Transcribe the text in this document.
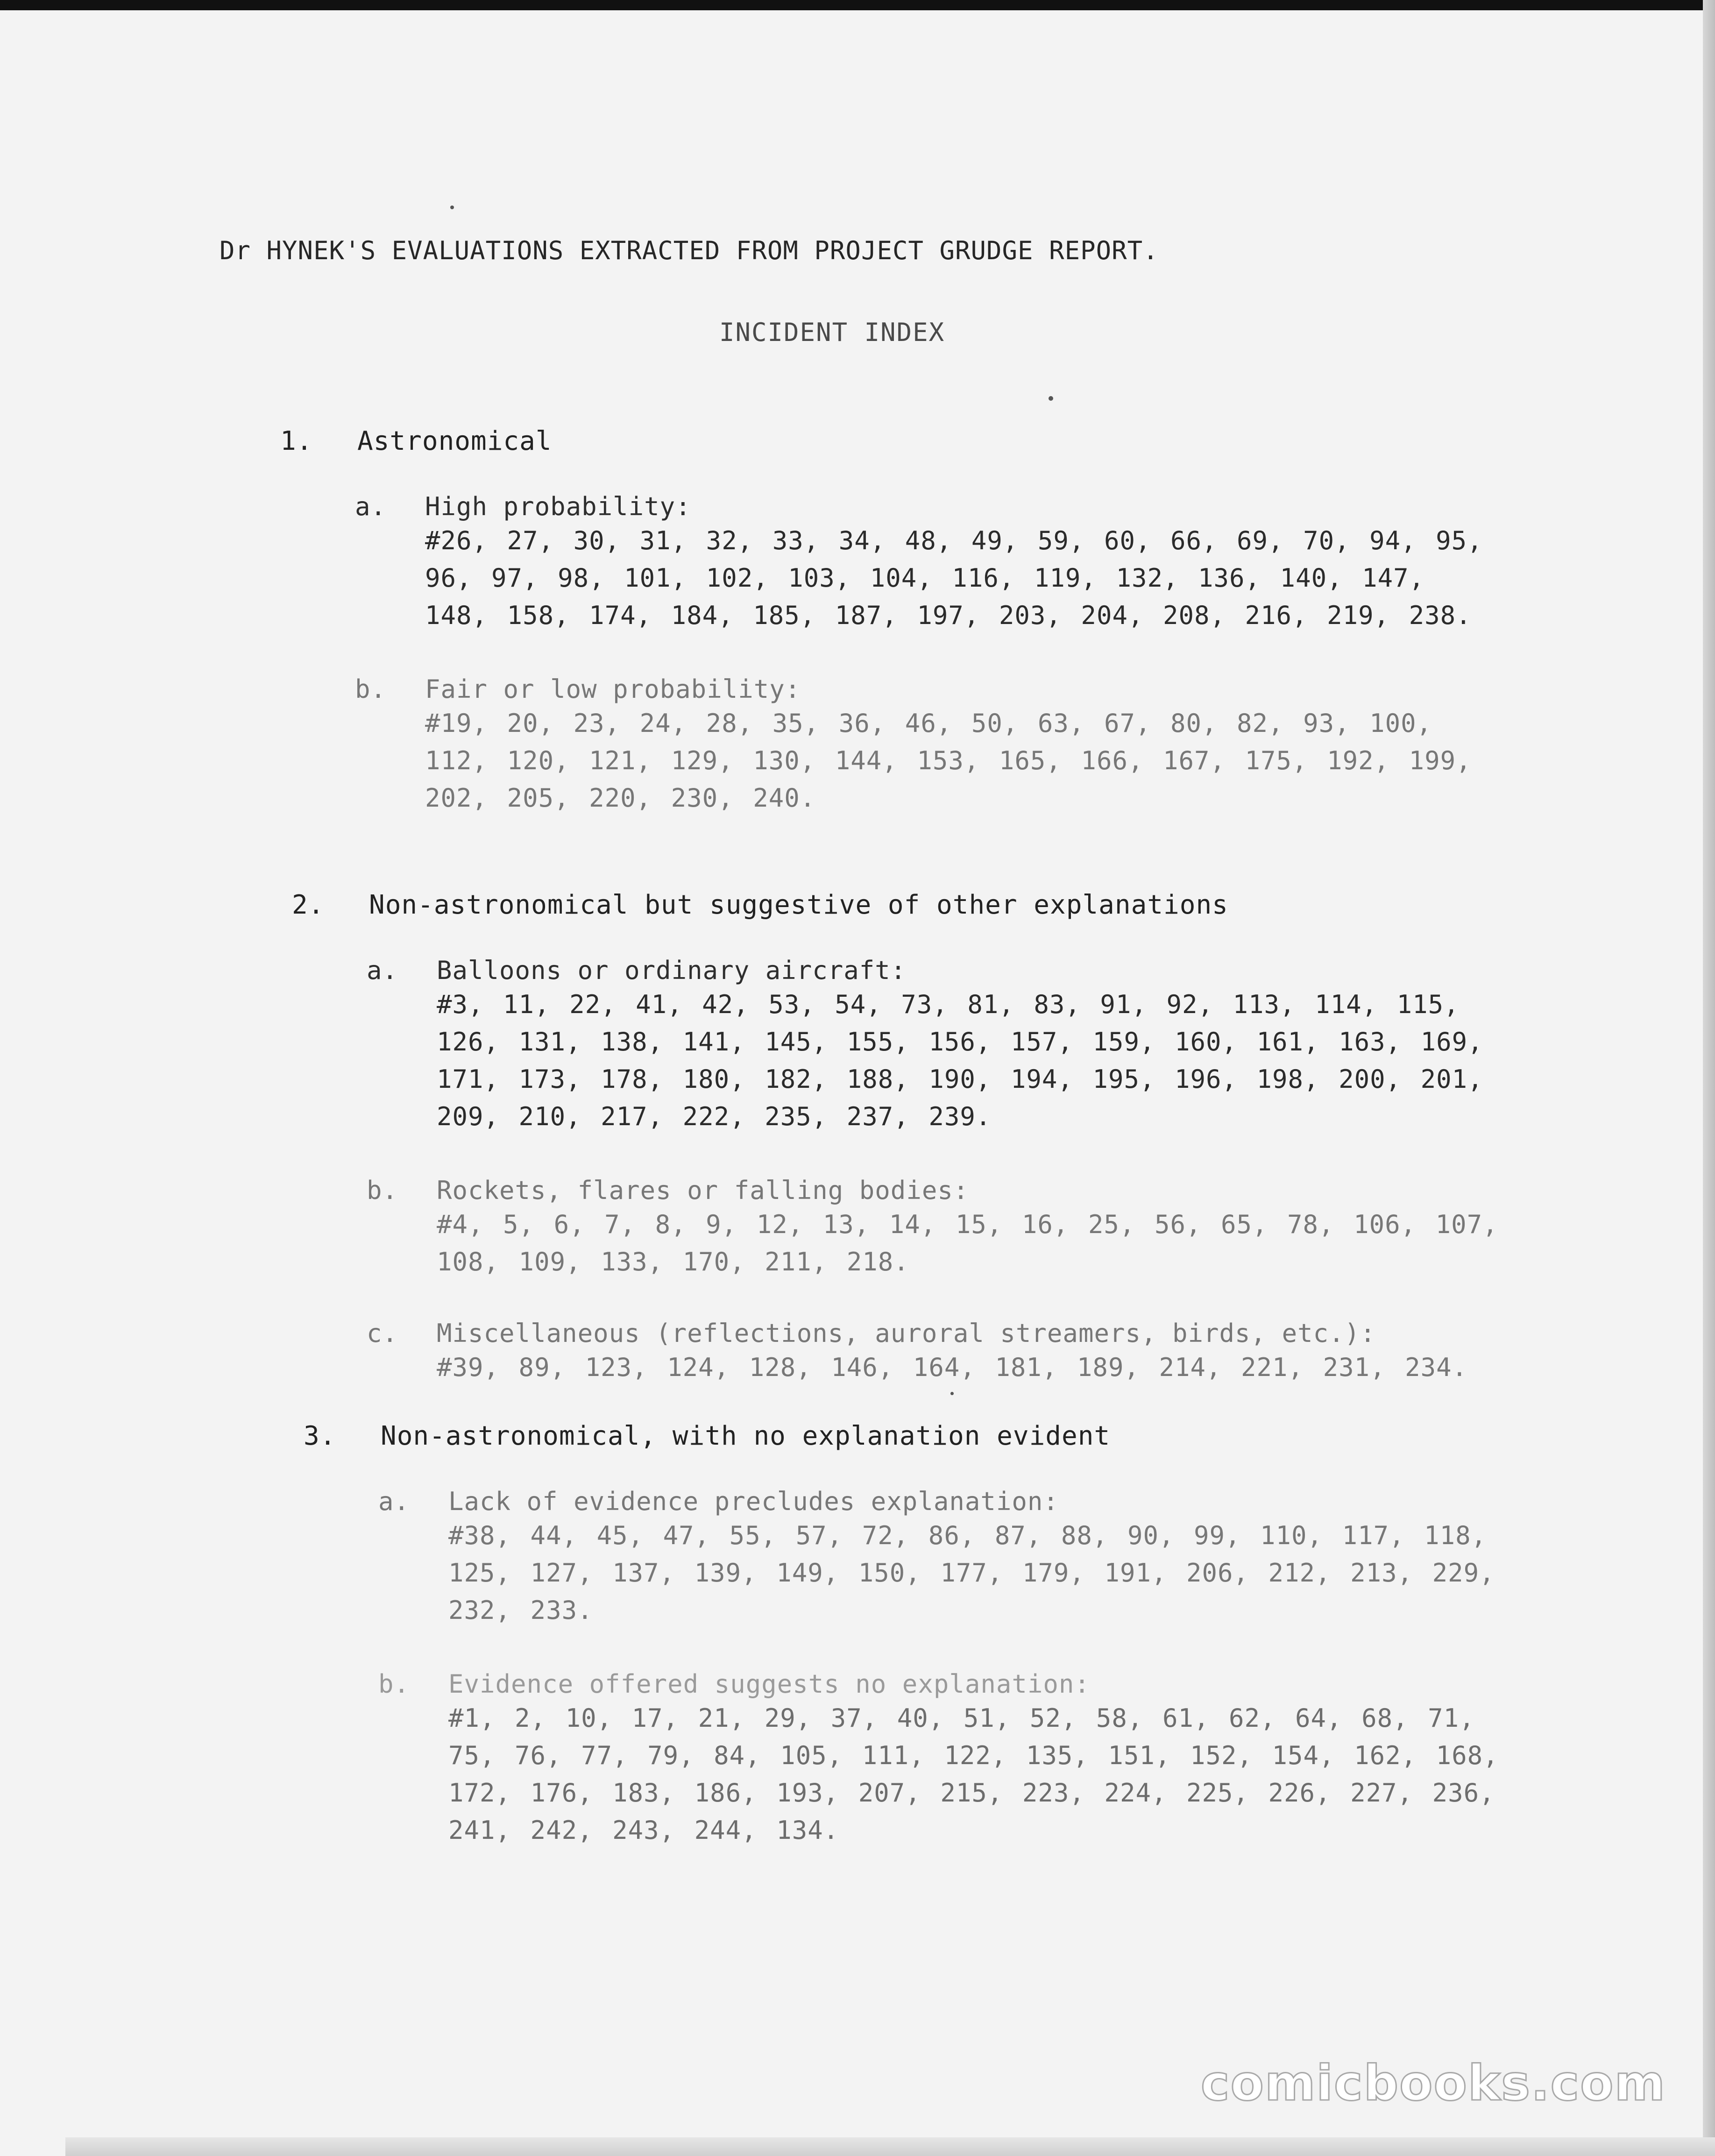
Dr HYNEK'S EVALUATIONS EXTRACTED FROM PROJECT GRUDGE REPORT.
INCIDENT INDEX
1. Astronomical
a. High probability:
#26, 27, 30, 31, 32, 33, 34, 48, 49, 59, 60, 66, 69, 70, 94, 95, 96, 97, 98, 101, 102, 103, 104, 116, 119, 132, 136, 140, 147, 148, 158, 174, 184, 185, 187, 197, 203, 204, 208, 216, 219, 238.
b. Fair or low probability:
#19, 20, 23, 24, 28, 35, 36, 46, 50, 63, 67, 80, 82, 93, 100, 112, 120, 121, 129, 130, 144, 153, 165, 166, 167, 175, 192, 199, 202, 205, 220, 230, 240.
2. Non-astronomical but suggestive of other explanations
a. Balloons or ordinary aircraft:
#3, 11, 22, 41, 42, 53, 54, 73, 81, 83, 91, 92, 113, 114, 115, 126, 131, 138, 141, 145, 155, 156, 157, 159, 160, 161, 163, 169, 171, 173, 178, 180, 182, 188, 190, 194, 195, 196, 198, 200, 201, 209, 210, 217, 222, 235, 237, 239.
b. Rockets, flares or falling bodies:
#4, 5, 6, 7, 8, 9, 12, 13, 14, 15, 16, 25, 56, 65, 78, 106, 107, 108, 109, 133, 170, 211, 218.
c. Miscellaneous (reflections, auroral streamers, birds, etc.):
#39, 89, 123, 124, 128, 146, 164, 181, 189, 214, 221, 231, 234.
3. Non-astronomical, with no explanation evident
a. Lack of evidence precludes explanation:
#38, 44, 45, 47, 55, 57, 72, 86, 87, 88, 90, 99, 110, 117, 118, 125, 127, 137, 139, 149, 150, 177, 179, 191, 206, 212, 213, 229, 232, 233.
b. Evidence offered suggests no explanation:
#1, 2, 10, 17, 21, 29, 37, 40, 51, 52, 58, 61, 62, 64, 68, 71, 75, 76, 77, 79, 84, 105, 111, 122, 135, 151, 152, 154, 162, 168, 172, 176, 183, 186, 193, 207, 215, 223, 224, 225, 226, 227, 236, 241, 242, 243, 244, 134.
comicbooks.com
